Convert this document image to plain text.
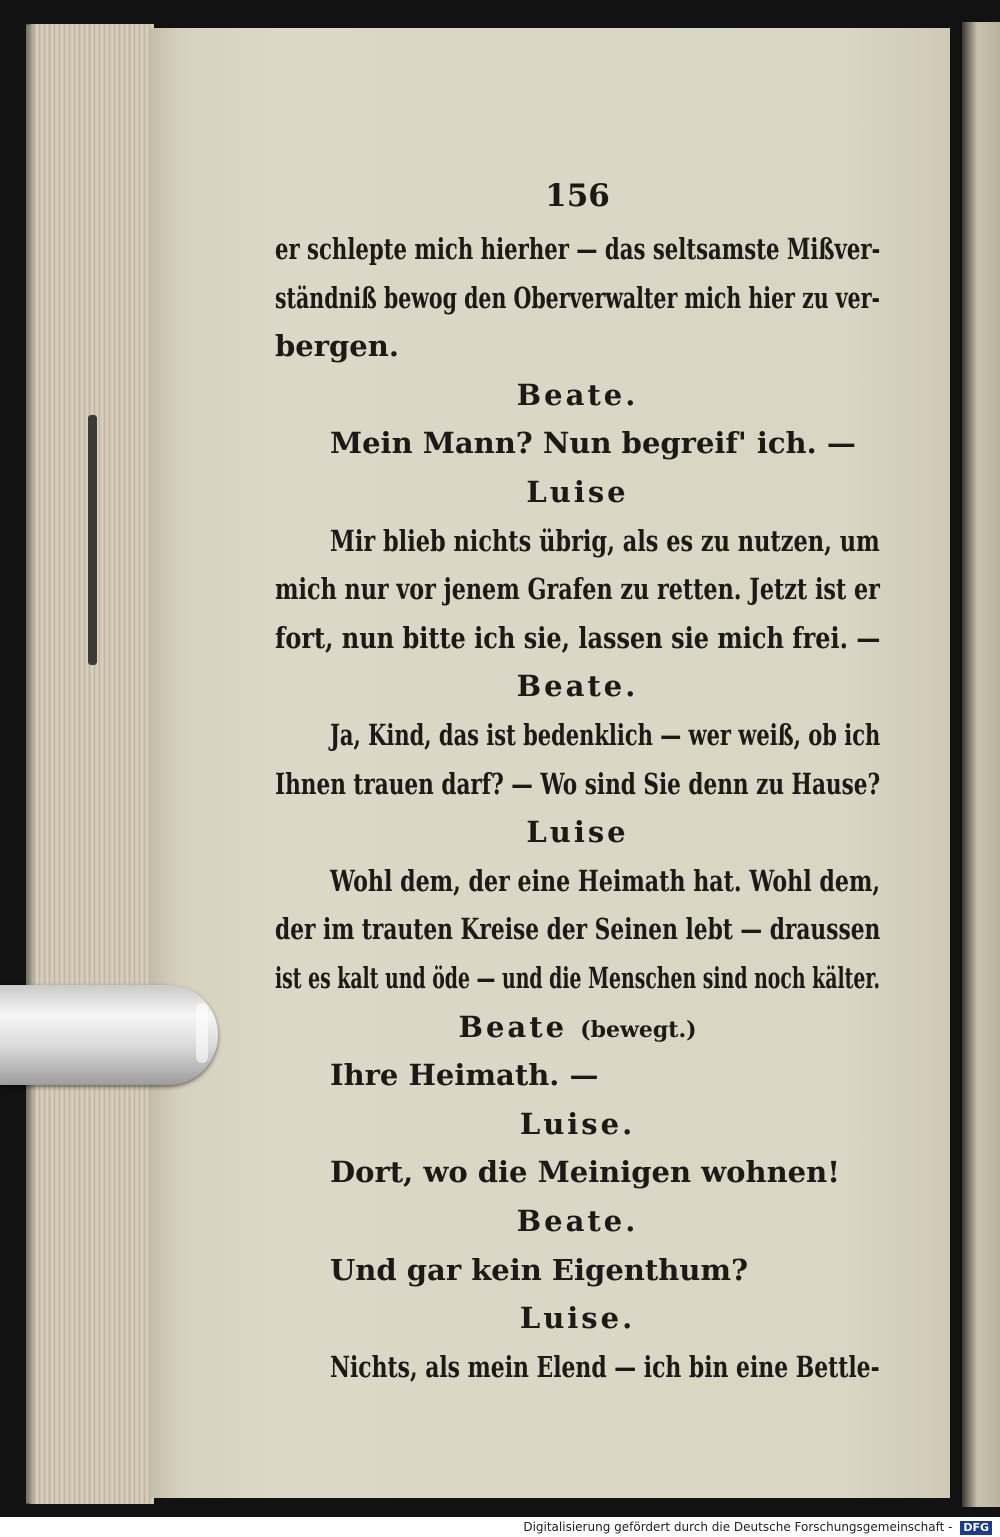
156
er schlepte mich hierher — das seltsamste Mißver-
ständniß bewog den Oberverwalter mich hier zu ver-
bergen.
Beate.
Mein Mann? Nun begreif' ich. —
Luise
Mir blieb nichts übrig, als es zu nutzen, um
mich nur vor jenem Grafen zu retten. Jetzt ist er
fort, nun bitte ich sie, lassen sie mich frei. —
Beate.
Ja, Kind, das ist bedenklich — wer weiß, ob ich
Ihnen trauen darf? — Wo sind Sie denn zu Hause?
Luise
Wohl dem, der eine Heimath hat. Wohl dem,
der im trauten Kreise der Seinen lebt — draussen
ist es kalt und öde — und die Menschen sind noch kälter.
Beate (bewegt.)
Ihre Heimath. —
Luise.
Dort, wo die Meinigen wohnen!
Beate.
Und gar kein Eigenthum?
Luise.
Nichts, als mein Elend — ich bin eine Bettle-
Digitalisierung gefördert durch die Deutsche Forschungsgemeinschaft - DFG
